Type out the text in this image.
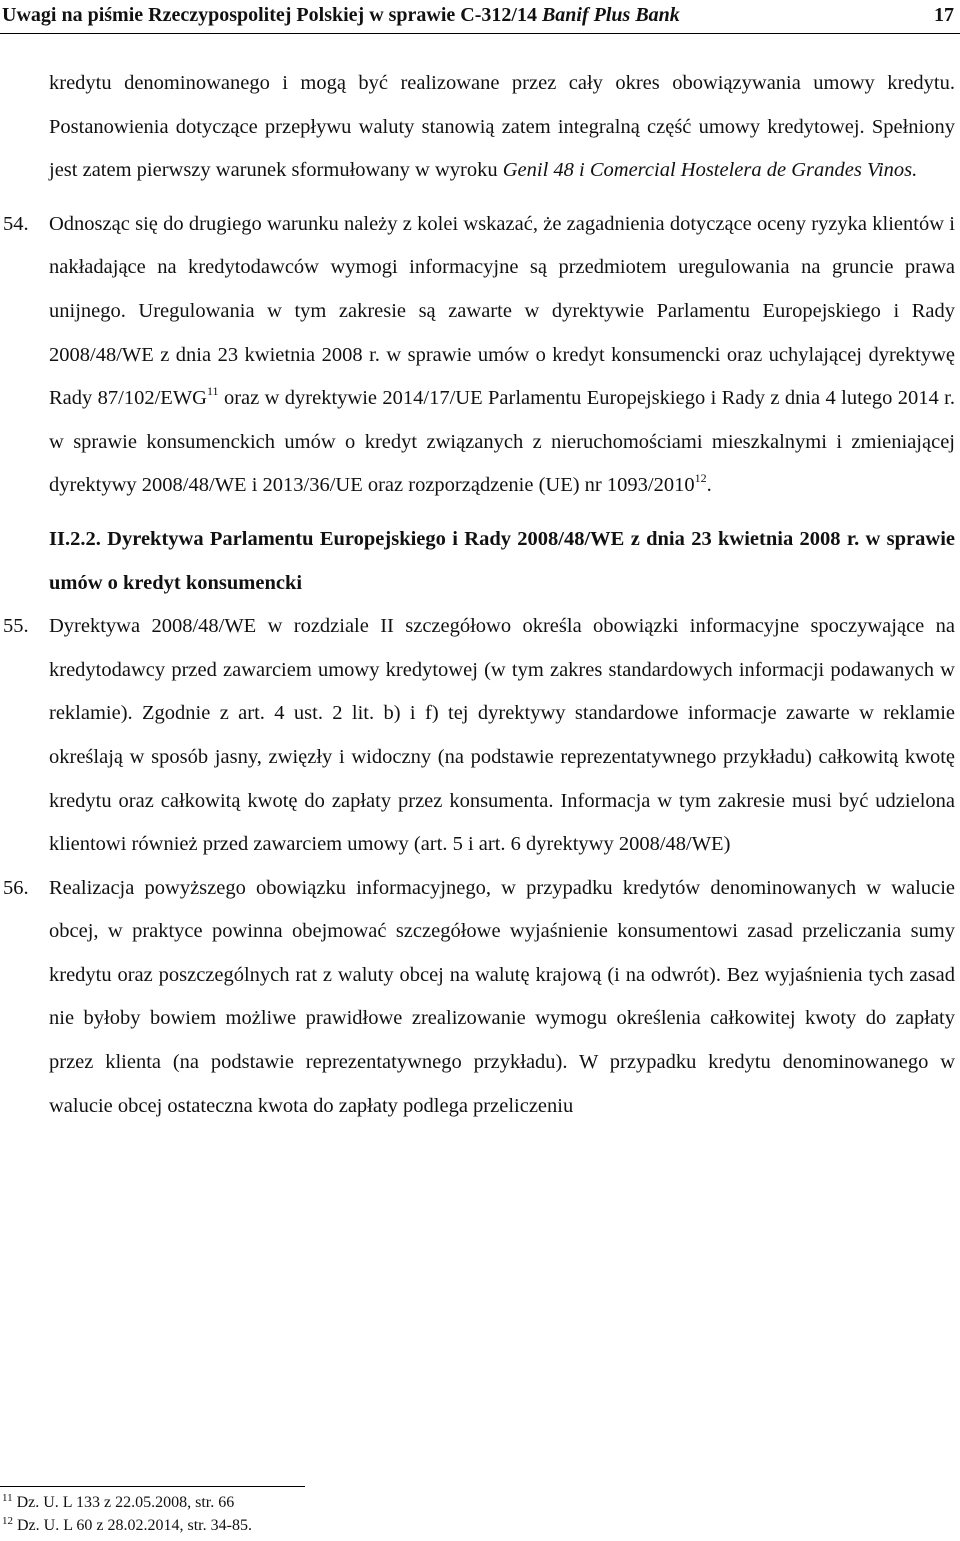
Uwagi na piśmie Rzeczypospolitej Polskiej w sprawie C-312/14 Banif Plus Bank	17

kredytu denominowanego i mogą być realizowane przez cały okres obowiązywania umowy kredytu. Postanowienia dotyczące przepływu waluty stanowią zatem integralną część umowy kredytowej. Spełniony jest zatem pierwszy warunek sformułowany w wyroku Genil 48 i Comercial Hostelera de Grandes Vinos.

54. Odnosząc się do drugiego warunku należy z kolei wskazać, że zagadnienia dotyczące oceny ryzyka klientów i nakładające na kredytodawców wymogi informacyjne są przedmiotem uregulowania na gruncie prawa unijnego. Uregulowania w tym zakresie są zawarte w dyrektywie Parlamentu Europejskiego i Rady 2008/48/WE z dnia 23 kwietnia 2008 r. w sprawie umów o kredyt konsumencki oraz uchylającej dyrektywę Rady 87/102/EWG$^{11}$ oraz w dyrektywie 2014/17/UE Parlamentu Europejskiego i Rady z dnia 4 lutego 2014 r. w sprawie konsumenckich umów o kredyt związanych z nieruchomościami mieszkalnymi i zmieniającej dyrektywy 2008/48/WE i 2013/36/UE oraz rozporządzenie (UE) nr 1093/2010$^{12}$.

II.2.2. Dyrektywa Parlamentu Europejskiego i Rady 2008/48/WE z dnia 23 kwietnia 2008 r. w sprawie umów o kredyt konsumencki

55. Dyrektywa 2008/48/WE w rozdziale II szczegółowo określa obowiązki informacyjne spoczywające na kredytodawcy przed zawarciem umowy kredytowej (w tym zakres standardowych informacji podawanych w reklamie). Zgodnie z art. 4 ust. 2 lit. b) i f) tej dyrektywy standardowe informacje zawarte w reklamie określają w sposób jasny, zwięzły i widoczny (na podstawie reprezentatywnego przykładu) całkowitą kwotę kredytu oraz całkowitą kwotę do zapłaty przez konsumenta. Informacja w tym zakresie musi być udzielona klientowi również przed zawarciem umowy (art. 5 i art. 6 dyrektywy 2008/48/WE)

56. Realizacja powyższego obowiązku informacyjnego, w przypadku kredytów denominowanych w walucie obcej, w praktyce powinna obejmować szczegółowe wyjaśnienie konsumentowi zasad przeliczania sumy kredytu oraz poszczególnych rat z waluty obcej na walutę krajową (i na odwrót). Bez wyjaśnienia tych zasad nie byłoby bowiem możliwe prawidłowe zrealizowanie wymogu określenia całkowitej kwoty do zapłaty przez klienta (na podstawie reprezentatywnego przykładu). W przypadku kredytu denominowanego w walucie obcej ostateczna kwota do zapłaty podlega przeliczeniu

$^{11}$ Dz. U. L 133 z 22.05.2008, str. 66
$^{12}$ Dz. U. L 60 z 28.02.2014, str. 34-85.
